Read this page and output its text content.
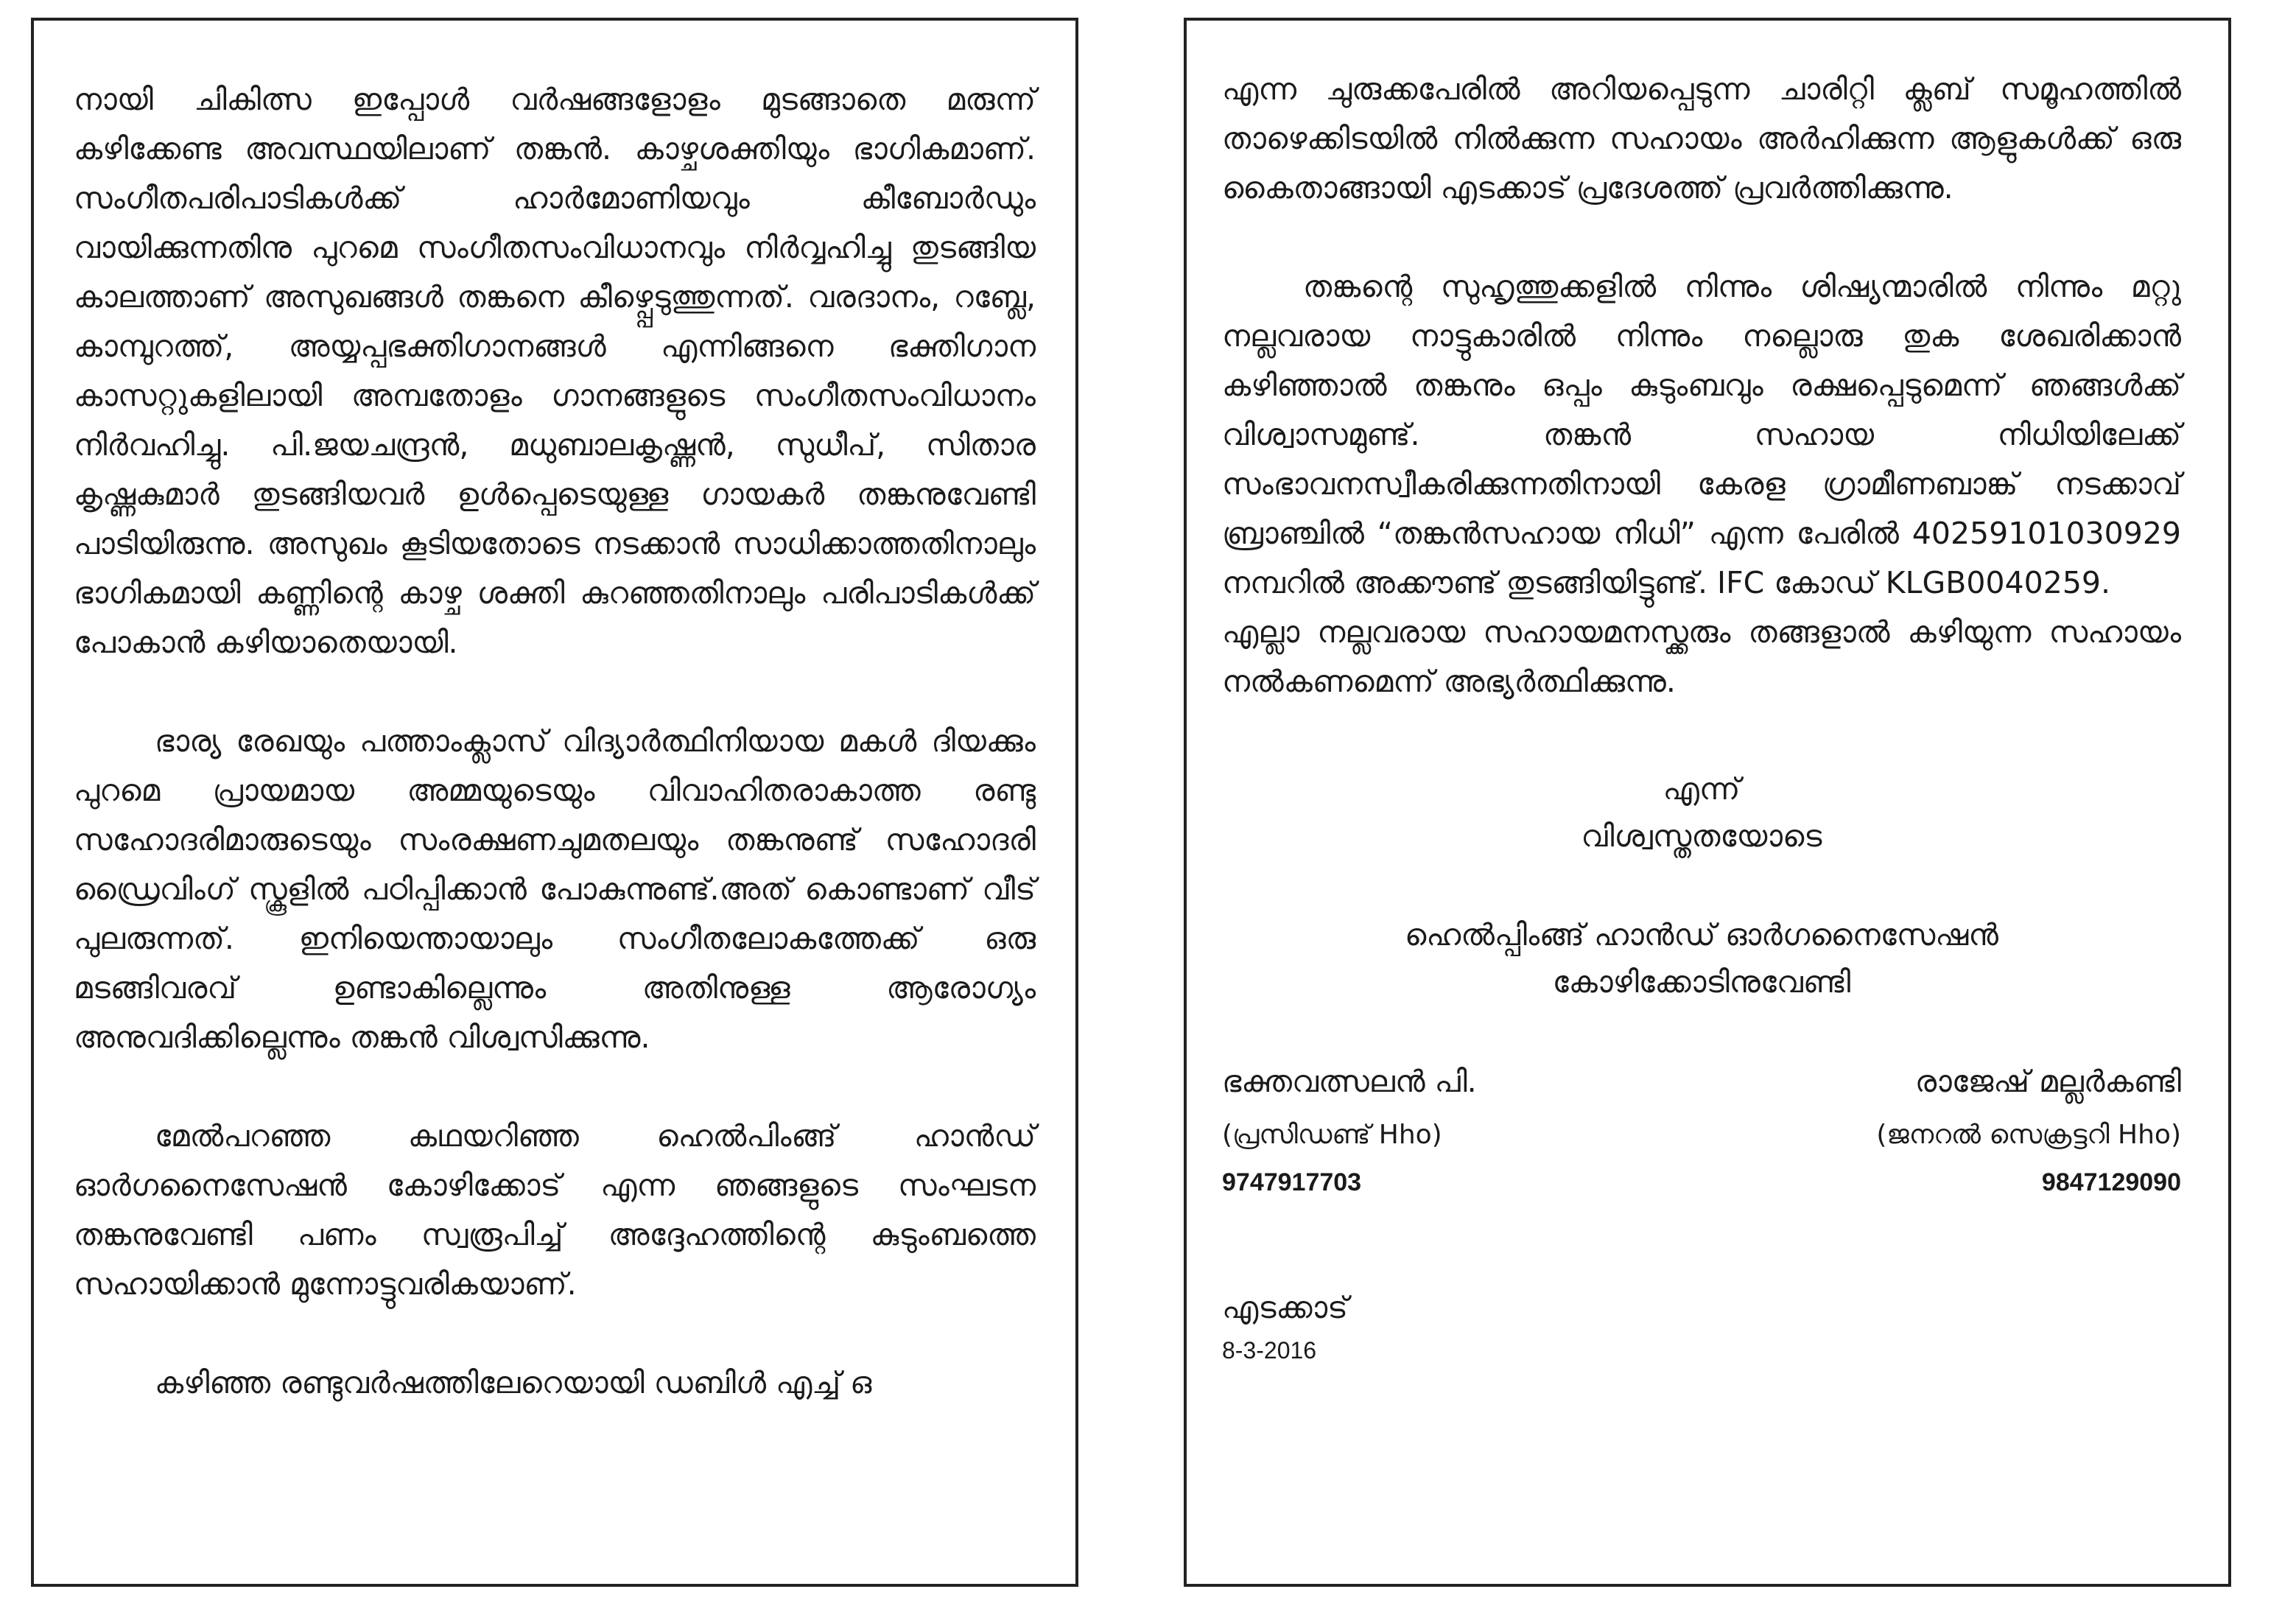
നായി ചികിത്സ ഇപ്പോൾ വർഷങ്ങളോളം മുടങ്ങാതെ മരുന്ന് കഴിക്കേണ്ട അവസ്ഥയിലാണ് തങ്കൻ. കാഴ്ചശക്തിയും ഭാഗികമാണ്. സംഗീതപരിപാടികൾക്ക് ഹാർമോണിയവും കീബോർഡും വായിക്കുന്നതിനു പുറമെ സംഗീതസംവിധാനവും നിർവ്വഹിച്ചു തുടങ്ങിയ കാലത്താണ് അസുഖങ്ങൾ തങ്കനെ കീഴ്പ്പെടുത്തുന്നത്. വരദാനം, റബ്ലേ, കാമ്പുറത്ത്, അയ്യപ്പഭക്തിഗാനങ്ങൾ എന്നിങ്ങനെ ഭക്തിഗാന കാസറ്റുകളിലായി അമ്പതോളം ഗാനങ്ങളുടെ സംഗീതസംവിധാനം നിർവഹിച്ചു. പി.ജയചന്ദ്രൻ, മധുബാലകൃഷ്ണൻ, സുധീപ്, സിതാര കൃഷ്ണകുമാർ തുടങ്ങിയവർ ഉൾപ്പെടെയുള്ള ഗായകർ തങ്കനുവേണ്ടി പാടിയിരുന്നു. അസുഖം കൂടിയതോടെ നടക്കാൻ സാധിക്കാത്തതിനാലും ഭാഗികമായി കണ്ണിന്റെ കാഴ്ച ശക്തി കുറഞ്ഞതിനാലും പരിപാടികൾക്ക് പോകാൻ കഴിയാതെയായി.

ഭാര്യ രേഖയും പത്താംക്ലാസ് വിദ്യാർത്ഥിനിയായ മകൾ ദിയക്കും പുറമെ പ്രായമായ അമ്മയുടെയും വിവാഹിതരാകാത്ത രണ്ടു സഹോദരിമാരുടെയും സംരക്ഷണചുമതലയും തങ്കനുണ്ട് സഹോദരി ഡ്രൈവിംഗ് സ്കൂളിൽ പഠിപ്പിക്കാൻ പോകുന്നുണ്ട്.അത് കൊണ്ടാണ് വീട് പുലരുന്നത്. ഇനിയെന്തായാലും സംഗീതലോകത്തേക്ക് ഒരു മടങ്ങിവരവ് ഉണ്ടാകില്ലെന്നും അതിനുള്ള ആരോഗ്യം അനുവദിക്കില്ലെന്നും തങ്കൻ വിശ്വസിക്കുന്നു.

മേൽപറഞ്ഞ കഥയറിഞ്ഞ ഹെൽപിംങ്ങ് ഹാൻഡ് ഓർഗനൈസേഷൻ കോഴിക്കോട് എന്ന ഞങ്ങളുടെ സംഘടന തങ്കനുവേണ്ടി പണം സ്വരൂപിച്ച് അദ്ദേഹത്തിന്റെ കുടുംബത്തെ സഹായിക്കാൻ മുന്നോട്ടുവരികയാണ്.

കഴിഞ്ഞ രണ്ടുവർഷത്തിലേറെയായി ഡബിൾ എച്ച് ഒ

എന്ന ചുരുക്കപേരിൽ അറിയപ്പെടുന്ന ചാരിറ്റി ക്ലബ് സമൂഹത്തിൽ താഴെക്കിടയിൽ നിൽക്കുന്ന സഹായം അർഹിക്കുന്ന ആളുകൾക്ക് ഒരു കൈതാങ്ങായി എടക്കാട് പ്രദേശത്ത് പ്രവർത്തിക്കുന്നു.

തങ്കന്റെ സുഹൃത്തുക്കളിൽ നിന്നും ശിഷ്യന്മാരിൽ നിന്നും മറ്റു നല്ലവരായ നാട്ടുകാരിൽ നിന്നും നല്ലൊരു തുക ശേഖരിക്കാൻ കഴിഞ്ഞാൽ തങ്കനും ഒപ്പം കുടുംബവും രക്ഷപ്പെടുമെന്ന് ഞങ്ങൾക്ക് വിശ്വാസമുണ്ട്. തങ്കൻ സഹായ നിധിയിലേക്ക് സംഭാവനസ്വീകരിക്കുന്നതിനായി കേരള ഗ്രാമീണബാങ്ക് നടക്കാവ് ബ്രാഞ്ചിൽ “തങ്കൻസഹായ നിധി” എന്ന പേരിൽ 40259101030929 നമ്പറിൽ അക്കൗണ്ട് തുടങ്ങിയിട്ടുണ്ട്. IFC കോഡ് KLGB0040259.

എല്ലാ നല്ലവരായ സഹായമനസ്ക്കരും തങ്ങളാൽ കഴിയുന്ന സഹായം നൽകണമെന്ന് അഭ്യർത്ഥിക്കുന്നു.

എന്ന്

വിശ്വസ്തതയോടെ

ഹെൽപ്പിംങ്ങ് ഹാൻഡ് ഓർഗനൈസേഷൻ

കോഴിക്കോടിനുവേണ്ടി

ഭക്തവത്സലൻ പി.	രാജേഷ് മല്ലർകണ്ടി
(പ്രസിഡണ്ട് Hho)	(ജനറൽ സെക്രട്ടറി Hho)
9747917703	9847129090

എടക്കാട്

8-3-2016
